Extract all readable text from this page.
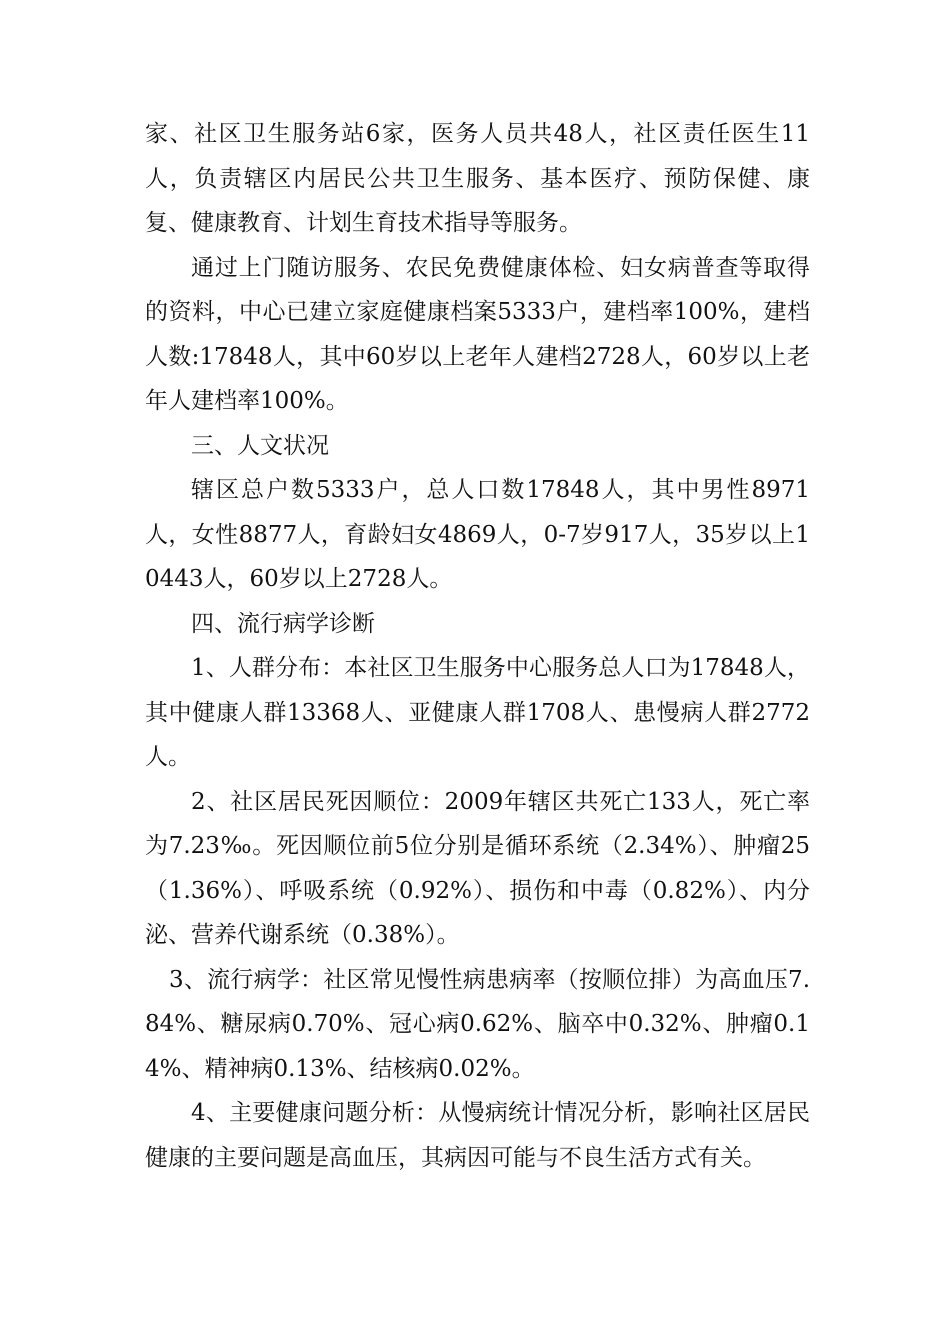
家、社区卫生服务站6家，医务人员共48人，社区责任医生11人，负责辖区内居民公共卫生服务、基本医疗、预防保健、康复、健康教育、计划生育技术指导等服务。

通过上门随访服务、农民免费健康体检、妇女病普查等取得的资料，中心已建立家庭健康档案5333户，建档率100%，建档人数:17848人，其中60岁以上老年人建档2728人，60岁以上老年人建档率100%。

三、人文状况

辖区总户数5333户，总人口数17848人，其中男性8971人，女性8877人，育龄妇女4869人，0-7岁917人，35岁以上10443人，60岁以上2728人。

四、流行病学诊断

1、人群分布：本社区卫生服务中心服务总人口为17848人，其中健康人群13368人、亚健康人群1708人、患慢病人群2772人。

2、社区居民死因顺位：2009年辖区共死亡133人，死亡率为7.23‰。死因顺位前5位分别是循环系统（2.34%）、肿瘤25（1.36%）、呼吸系统（0.92%）、损伤和中毒（0.82%）、内分泌、营养代谢系统（0.38%）。

3、流行病学：社区常见慢性病患病率（按顺位排）为高血压7.84%、糖尿病0.70%、冠心病0.62%、脑卒中0.32%、肿瘤0.14%、精神病0.13%、结核病0.02%。

4、主要健康问题分析：从慢病统计情况分析，影响社区居民健康的主要问题是高血压，其病因可能与不良生活方式有关。
